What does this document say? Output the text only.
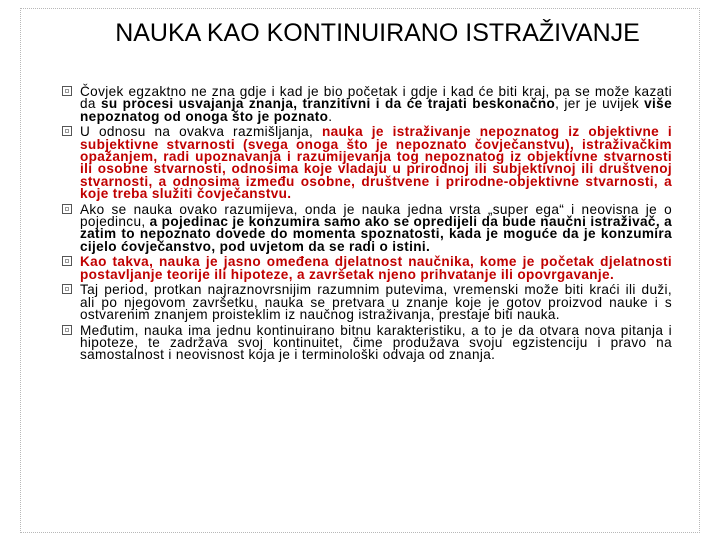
NAUKA KAO KONTINUIRANO ISTRAŽIVANJE
Čovjek egzaktno ne zna gdje i kad je bio početak i gdje i kad će biti kraj, pa se može kazati da su procesi usvajanja znanja, tranzitivni i da će trajati beskonačno, jer je uvijek više nepoznatog od onoga što je poznato.
U odnosu na ovakva razmišljanja, nauka je istraživanje nepoznatog iz objektivne i subjektivne stvarnosti (svega onoga što je nepoznato čovječanstvu), istraživačkim opažanjem, radi upoznavanja i razumijevanja tog nepoznatog iz objektivne stvarnosti ili osobne stvarnosti, odnosima koje vladaju u prirodnoj ili subjektivnoj ili društvenoj stvarnosti, a odnosima između osobne, društvene i prirodne-objektivne stvarnosti, a koje treba služiti čovječanstvu.
Ako se nauka ovako razumijeva, onda je nauka jedna vrsta „super ega“ i neovisna je o pojedincu, a pojedinac je konzumira samo ako se opredijeli da bude naučni istraživač, a zatim to nepoznato dovede do momenta spoznatosti, kada je moguće da je konzumira cijelo ćovječanstvo, pod uvjetom da se radi o istini.
Kao takva, nauka je jasno omeđena djelatnost naučnika, kome je početak djelatnosti postavljanje teorije ili hipoteze, a završetak njeno prihvatanje ili opovrgavanje.
Taj period, protkan najraznovrsnijim razumnim putevima, vremenski može biti kraći ili duži, ali po njegovom završetku, nauka se pretvara u znanje koje je gotov proizvod nauke i s ostvarenim znanjem proisteklim iz naučnog istraživanja, prestaje biti nauka.
Međutim, nauka ima jednu kontinuirano bitnu karakteristiku, a to je da otvara nova pitanja i hipoteze, te zadržava svoj kontinuitet, čime produžava svoju egzistenciju i pravo na samostalnost i neovisnost koja je i terminološki odvaja od znanja.
